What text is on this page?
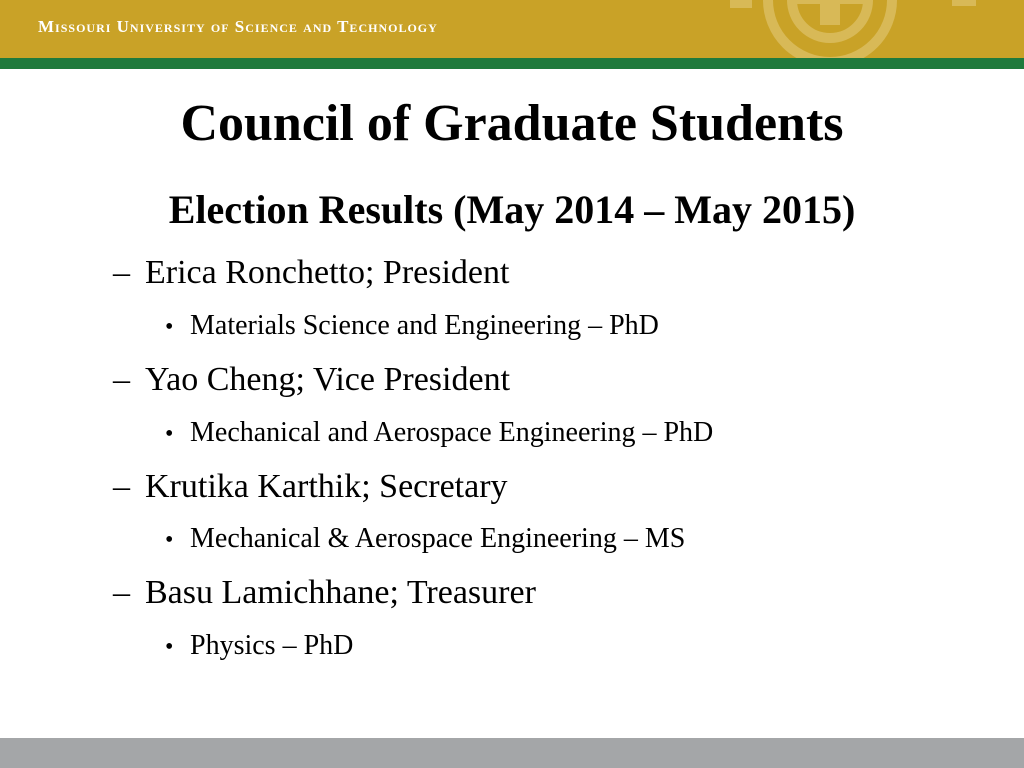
Missouri University of Science and Technology
Council of Graduate Students
Election Results (May 2014 – May 2015)
– Erica Ronchetto; President
• Materials Science and Engineering – PhD
– Yao Cheng; Vice President
• Mechanical and Aerospace Engineering – PhD
– Krutika Karthik; Secretary
• Mechanical & Aerospace Engineering – MS
– Basu Lamichhane; Treasurer
• Physics – PhD
